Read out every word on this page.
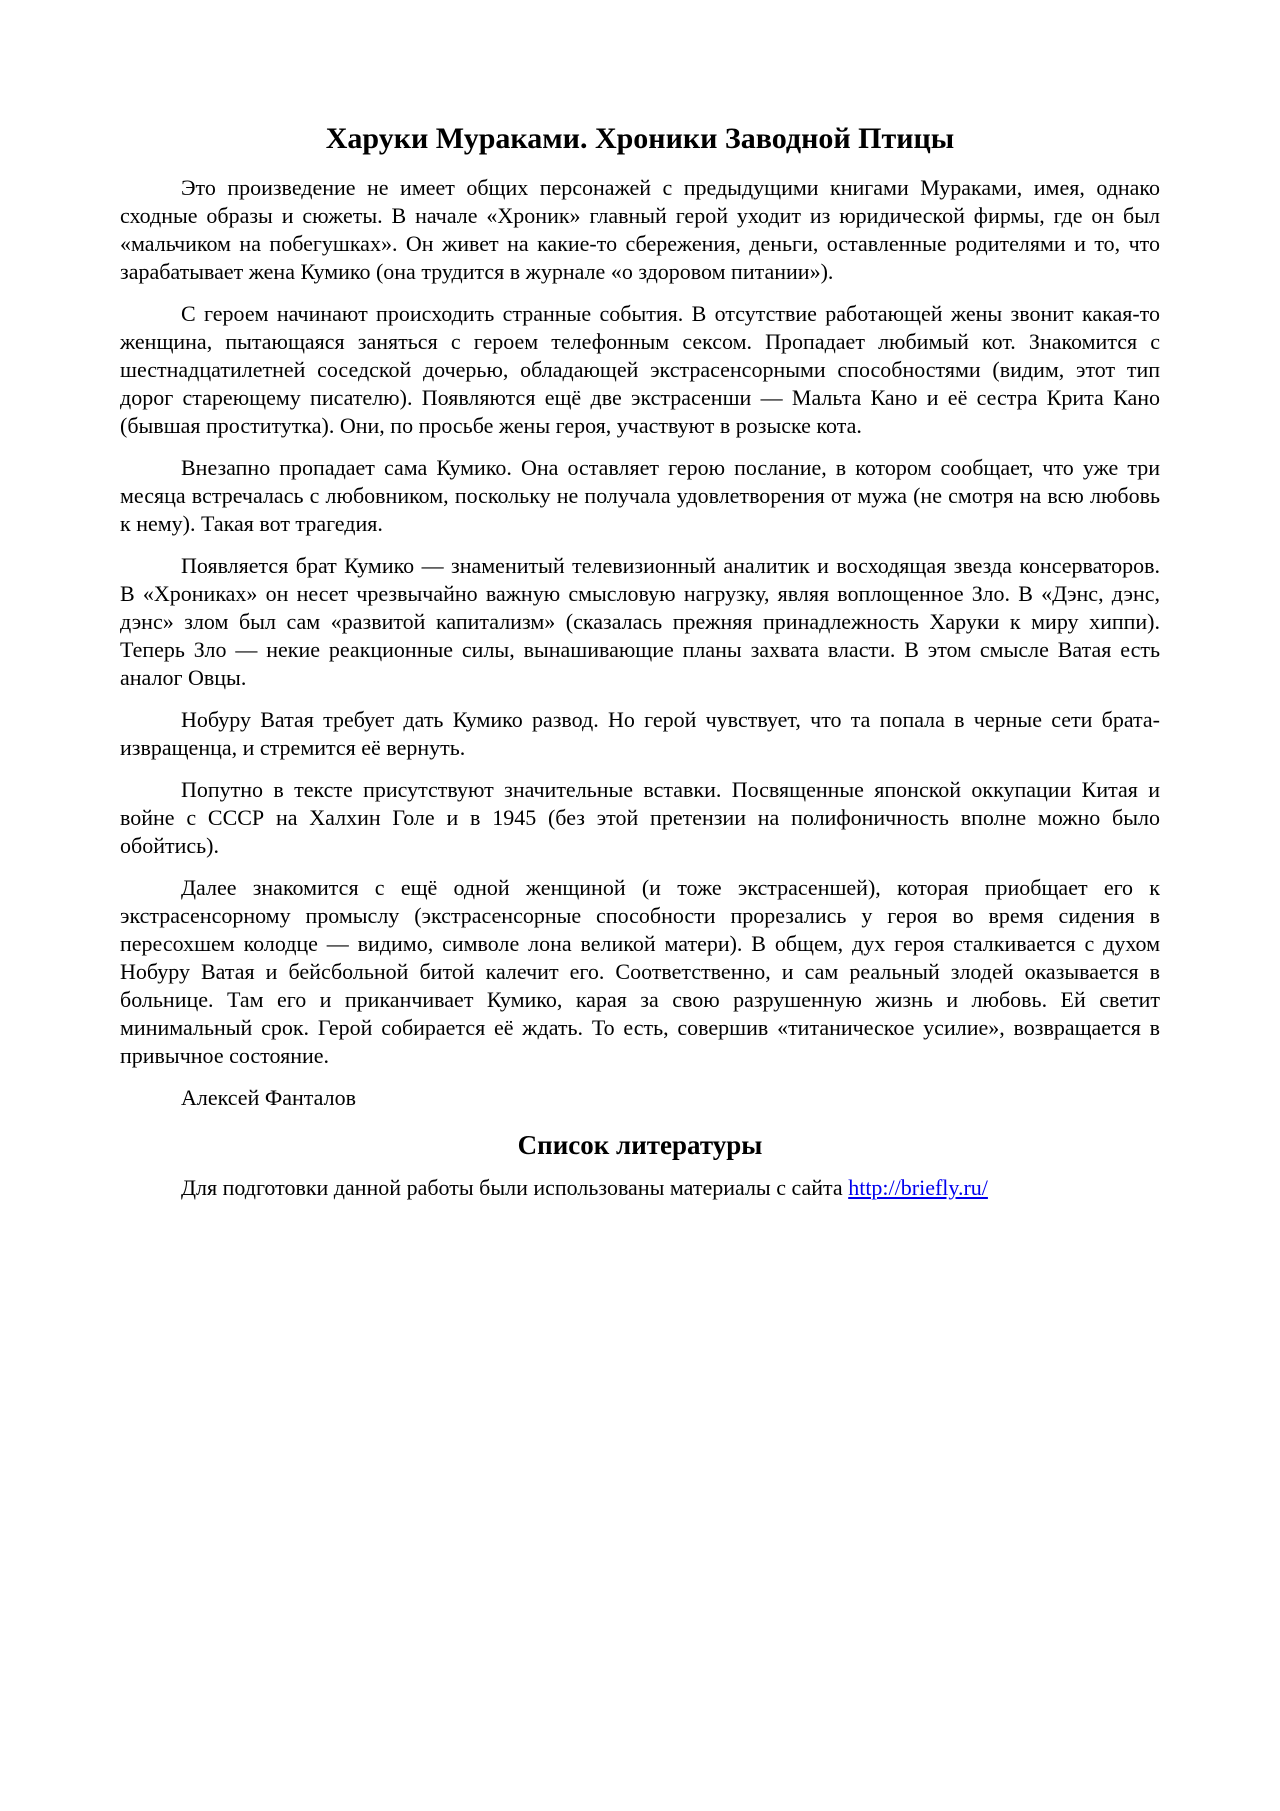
Харуки Мураками. Хроники Заводной Птицы

Это произведение не имеет общих персонажей с предыдущими книгами Мураками, имея, однако сходные образы и сюжеты. В начале «Хроник» главный герой уходит из юридической фирмы, где он был «мальчиком на побегушках». Он живет на какие-то сбережения, деньги, оставленные родителями и то, что зарабатывает жена Кумико (она трудится в журнале «о здоровом питании»).

С героем начинают происходить странные события. В отсутствие работающей жены звонит какая-то женщина, пытающаяся заняться с героем телефонным сексом. Пропадает любимый кот. Знакомится с шестнадцатилетней соседской дочерью, обладающей экстрасенсорными способностями (видим, этот тип дорог стареющему писателю). Появляются ещё две экстрасенши — Мальта Кано и её сестра Крита Кано (бывшая проститутка). Они, по просьбе жены героя, участвуют в розыске кота.

Внезапно пропадает сама Кумико. Она оставляет герою послание, в котором сообщает, что уже три месяца встречалась с любовником, поскольку не получала удовлетворения от мужа (не смотря на всю любовь к нему). Такая вот трагедия.

Появляется брат Кумико — знаменитый телевизионный аналитик и восходящая звезда консерваторов. В «Хрониках» он несет чрезвычайно важную смысловую нагрузку, являя воплощенное Зло. В «Дэнс, дэнс, дэнс» злом был сам «развитой капитализм» (сказалась прежняя принадлежность Харуки к миру хиппи). Теперь Зло — некие реакционные силы, вынашивающие планы захвата власти. В этом смысле Ватая есть аналог Овцы.

Нобуру Ватая требует дать Кумико развод. Но герой чувствует, что та попала в черные сети брата-извращенца, и стремится её вернуть.

Попутно в тексте присутствуют значительные вставки. Посвященные японской оккупации Китая и войне с СССР на Халхин Голе и в 1945 (без этой претензии на полифоничность вполне можно было обойтись).

Далее знакомится с ещё одной женщиной (и тоже экстрасеншей), которая приобщает его к экстрасенсорному промыслу (экстрасенсорные способности прорезались у героя во время сидения в пересохшем колодце — видимо, символе лона великой матери). В общем, дух героя сталкивается с духом Нобуру Ватая и бейсбольной битой калечит его. Соответственно, и сам реальный злодей оказывается в больнице. Там его и приканчивает Кумико, карая за свою разрушенную жизнь и любовь. Ей светит минимальный срок. Герой собирается её ждать. То есть, совершив «титаническое усилие», возвращается в привычное состояние.

Алексей Фанталов

Список литературы

Для подготовки данной работы были использованы материалы с сайта http://briefly.ru/
